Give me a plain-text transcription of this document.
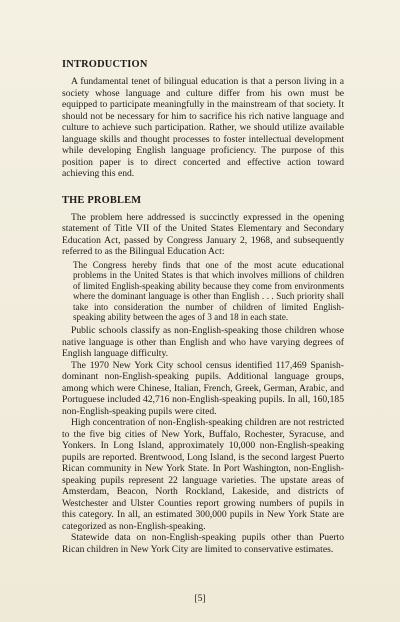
INTRODUCTION

A fundamental tenet of bilingual education is that a person living in a society whose language and culture differ from his own must be equipped to participate meaningfully in the mainstream of that society. It should not be necessary for him to sacrifice his rich native language and culture to achieve such participation. Rather, we should utilize available language skills and thought processes to foster intellectual development while developing English language proficiency. The purpose of this position paper is to direct concerted and effective action toward achieving this end.

THE PROBLEM

The problem here addressed is succinctly expressed in the opening statement of Title VII of the United States Elementary and Secondary Education Act, passed by Congress January 2, 1968, and subsequently referred to as the Bilingual Education Act:

The Congress hereby finds that one of the most acute educational problems in the United States is that which involves millions of children of limited English-speaking ability because they come from environments where the dominant language is other than English . . . Such priority shall take into consideration the number of children of limited English-speaking ability between the ages of 3 and 18 in each state.

Public schools classify as non-English-speaking those children whose native language is other than English and who have varying degrees of English language difficulty.

The 1970 New York City school census identified 117,469 Spanish-dominant non-English-speaking pupils. Additional language groups, among which were Chinese, Italian, French, Greek, German, Arabic, and Portuguese included 42,716 non-English-speaking pupils. In all, 160,185 non-English-speaking pupils were cited.

High concentration of non-English-speaking children are not restricted to the five big cities of New York, Buffalo, Rochester, Syracuse, and Yonkers. In Long Island, approximately 10,000 non-English-speaking pupils are reported. Brentwood, Long Island, is the second largest Puerto Rican community in New York State. In Port Washington, non-English-speaking pupils represent 22 language varieties. The upstate areas of Amsterdam, Beacon, North Rockland, Lakeside, and districts of Westchester and Ulster Counties report growing numbers of pupils in this category. In all, an estimated 300,000 pupils in New York State are categorized as non-English-speaking.

Statewide data on non-English-speaking pupils other than Puerto Rican children in New York City are limited to conservative estimates.

[5]
